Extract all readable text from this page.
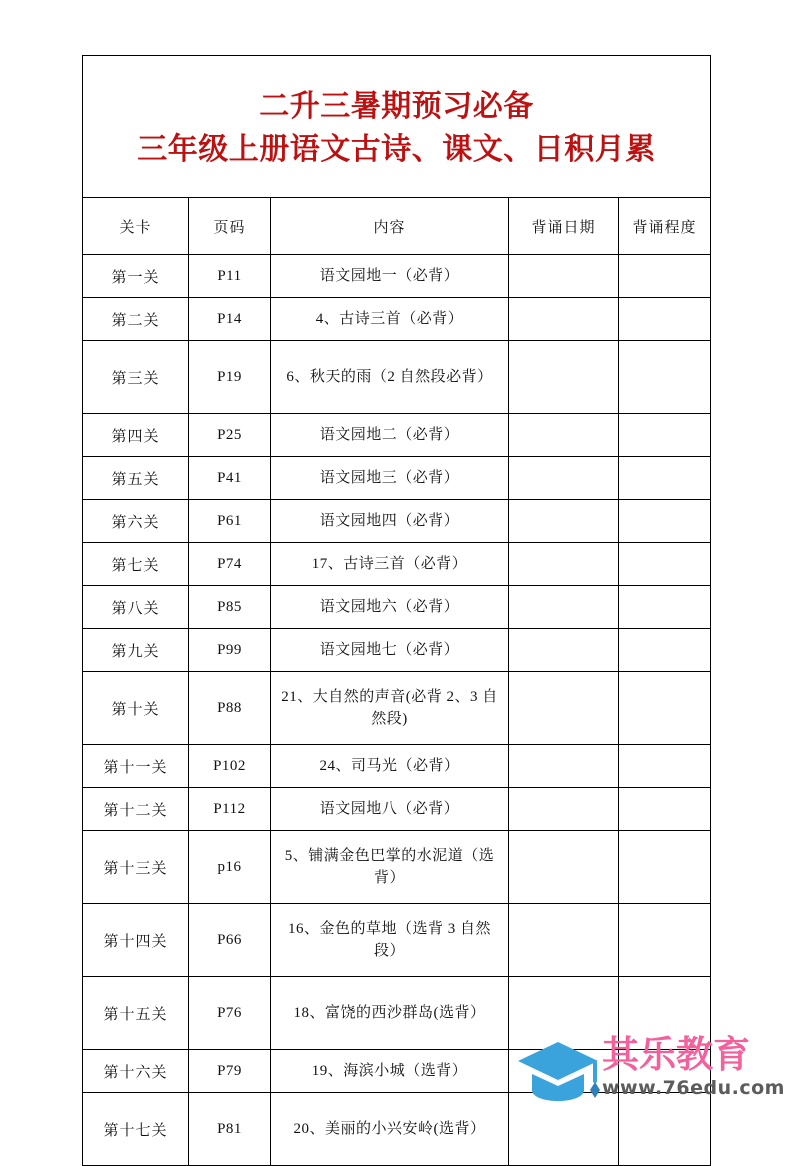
二升三暑期预习必备
三年级上册语文古诗、课文、日积月累				

关卡	页码	内容	背诵日期	背诵程度
第一关	P11	语文园地一（必背）		
第二关	P14	4、古诗三首（必背）		
第三关	P19	6、秋天的雨（2 自然段必背）		
第四关	P25	语文园地二（必背）		
第五关	P41	语文园地三（必背）		
第六关	P61	语文园地四（必背）		
第七关	P74	17、古诗三首（必背）		
第八关	P85	语文园地六（必背）		
第九关	P99	语文园地七（必背）		
第十关	P88	21、大自然的声音(必背 2、3 自然段)		
第十一关	P102	24、司马光（必背）		
第十二关	P112	语文园地八（必背）		
第十三关	p16	5、铺满金色巴掌的水泥道（选背）		
第十四关	P66	16、金色的草地（选背 3 自然段）		
第十五关	P76	18、富饶的西沙群岛(选背）		
第十六关	P79	19、海滨小城（选背）		
第十七关	P81	20、美丽的小兴安岭(选背）		
其乐教育
www.76edu.com
